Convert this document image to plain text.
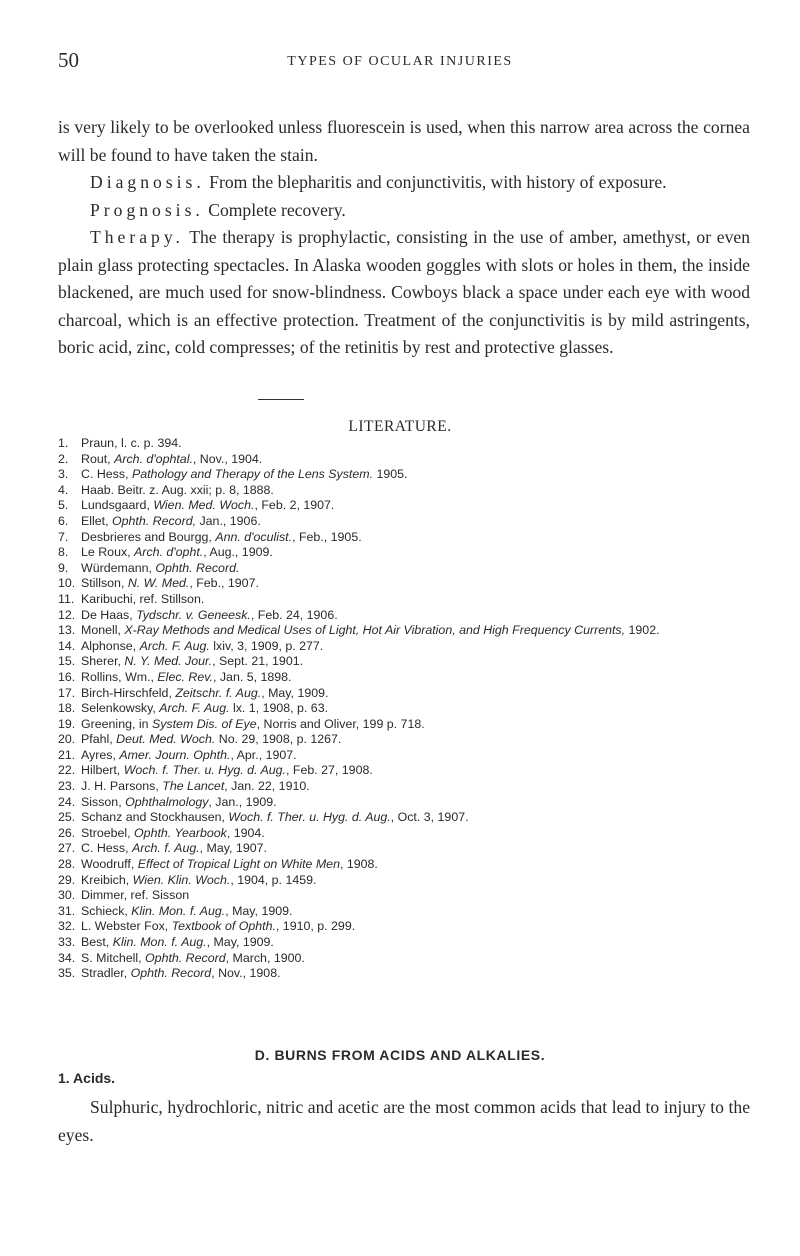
50	TYPES OF OCULAR INJURIES

is very likely to be overlooked unless fluorescein is used, when this narrow area across the cornea will be found to have taken the stain.

Diagnosis. From the blepharitis and conjunctivitis, with history of exposure.

Prognosis. Complete recovery.

Therapy. The therapy is prophylactic, consisting in the use of amber, amethyst, or even plain glass protecting spectacles. In Alaska wooden goggles with slots or holes in them, the inside blackened, are much used for snow-blindness. Cowboys black a space under each eye with wood charcoal, which is an effective protection. Treatment of the conjunctivitis is by mild astringents, boric acid, zinc, cold compresses; of the retinitis by rest and protective glasses.

LITERATURE.
1.	Praun, l. c. p. 394.
2.	Rout, Arch. d'ophtal., Nov., 1904.
3.	C. Hess, Pathology and Therapy of the Lens System. 1905.
4.	Haab. Beitr. z. Aug. xxii; p. 8, 1888.
5.	Lundsgaard, Wien. Med. Woch., Feb. 2, 1907.
6.	Ellet, Ophth. Record, Jan., 1906.
7.	Desbrieres and Bourgg, Ann. d'oculist., Feb., 1905.
8.	Le Roux, Arch. d'opht., Aug., 1909.
9.	Würdemann, Ophth. Record.
10. Stillson, N. W. Med., Feb., 1907.
11. Karibuchi, ref. Stillson.
12. De Haas, Tydschr. v. Geneesk., Feb. 24, 1906.
13. Monell, X-Ray Methods and Medical Uses of Light, Hot Air Vibration, and High Frequency Currents, 1902.
14. Alphonse, Arch. F. Aug. lxiv, 3, 1909, p. 277.
15. Sherer, N. Y. Med. Jour., Sept. 21, 1901.
16. Rollins, Wm., Elec. Rev., Jan. 5, 1898.
17. Birch-Hirschfeld, Zeitschr. f. Aug., May, 1909.
18. Selenkowsky, Arch. F. Aug. lx. 1, 1908, p. 63.
19. Greening, in System Dis. of Eye, Norris and Oliver, 199 p. 718.
20. Pfahl, Deut. Med. Woch. No. 29, 1908, p. 1267.
21. Ayres, Amer. Journ. Ophth., Apr., 1907.
22. Hilbert, Woch. f. Ther. u. Hyg. d. Aug., Feb. 27, 1908.
23. J. H. Parsons, The Lancet, Jan. 22, 1910.
24. Sisson, Ophthalmology, Jan., 1909.
25. Schanz and Stockhausen, Woch. f. Ther. u. Hyg. d. Aug., Oct. 3, 1907.
26. Stroebel, Ophth. Yearbook, 1904.
27. C. Hess, Arch. f. Aug., May, 1907.
28. Woodruff, Effect of Tropical Light on White Men, 1908.
29. Kreibich, Wien. Klin. Woch., 1904, p. 1459.
30. Dimmer, ref. Sisson
31. Schieck, Klin. Mon. f. Aug., May, 1909.
32. L. Webster Fox, Textbook of Ophth., 1910, p. 299.
33. Best, Klin. Mon. f. Aug., May, 1909.
34. S. Mitchell, Ophth. Record, March, 1900.
35. Stradler, Ophth. Record, Nov., 1908.
D. BURNS FROM ACIDS AND ALKALIES.
1. Acids.

Sulphuric, hydrochloric, nitric and acetic are the most common acids that lead to injury to the eyes.
